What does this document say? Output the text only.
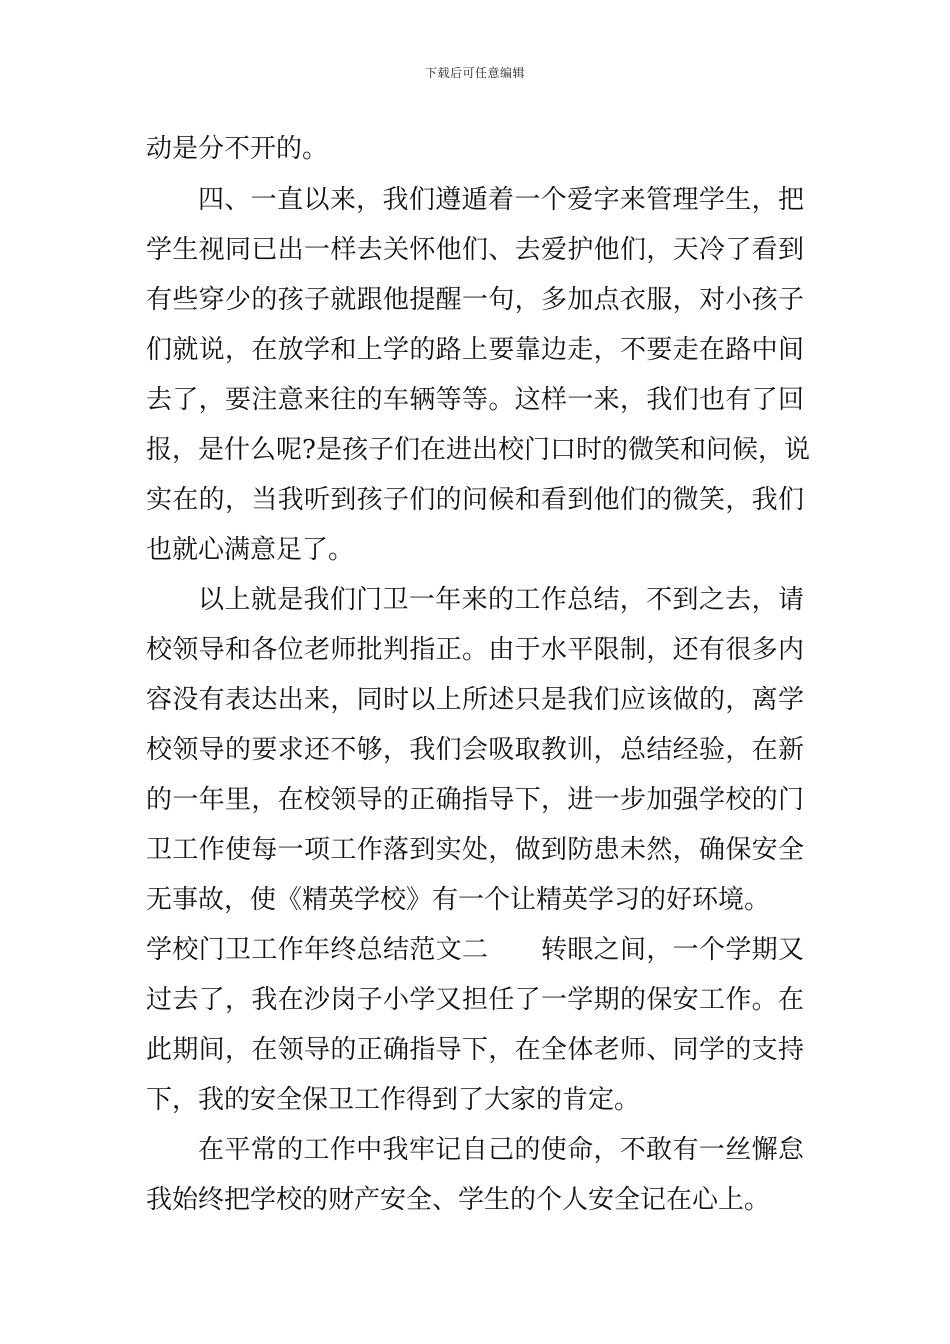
下载后可任意编辑
动是分不开的。
四、一直以来，我们遵遁着一个爱字来管理学生，把
学生视同已出一样去关怀他们、去爱护他们，天冷了看到
有些穿少的孩子就跟他提醒一句，多加点衣服，对小孩子
们就说，在放学和上学的路上要靠边走，不要走在路中间
去了，要注意来往的车辆等等。这样一来，我们也有了回
报，是什么呢?是孩子们在进出校门口时的微笑和问候，说
实在的，当我听到孩子们的问候和看到他们的微笑，我们
也就心满意足了。
以上就是我们门卫一年来的工作总结，不到之去，请
校领导和各位老师批判指正。由于水平限制，还有很多内
容没有表达出来，同时以上所述只是我们应该做的，离学
校领导的要求还不够，我们会吸取教训，总结经验，在新
的一年里，在校领导的正确指导下，进一步加强学校的门
卫工作使每一项工作落到实处，做到防患未然，确保安全
无事故，使《精英学校》有一个让精英学习的好环境。
学校门卫工作年终总结范文二　　转眼之间，一个学期又
过去了，我在沙岗子小学又担任了一学期的保安工作。在
此期间，在领导的正确指导下，在全体老师、同学的支持
下，我的安全保卫工作得到了大家的肯定。
在平常的工作中我牢记自己的使命，不敢有一丝懈怠
我始终把学校的财产安全、学生的个人安全记在心上。
